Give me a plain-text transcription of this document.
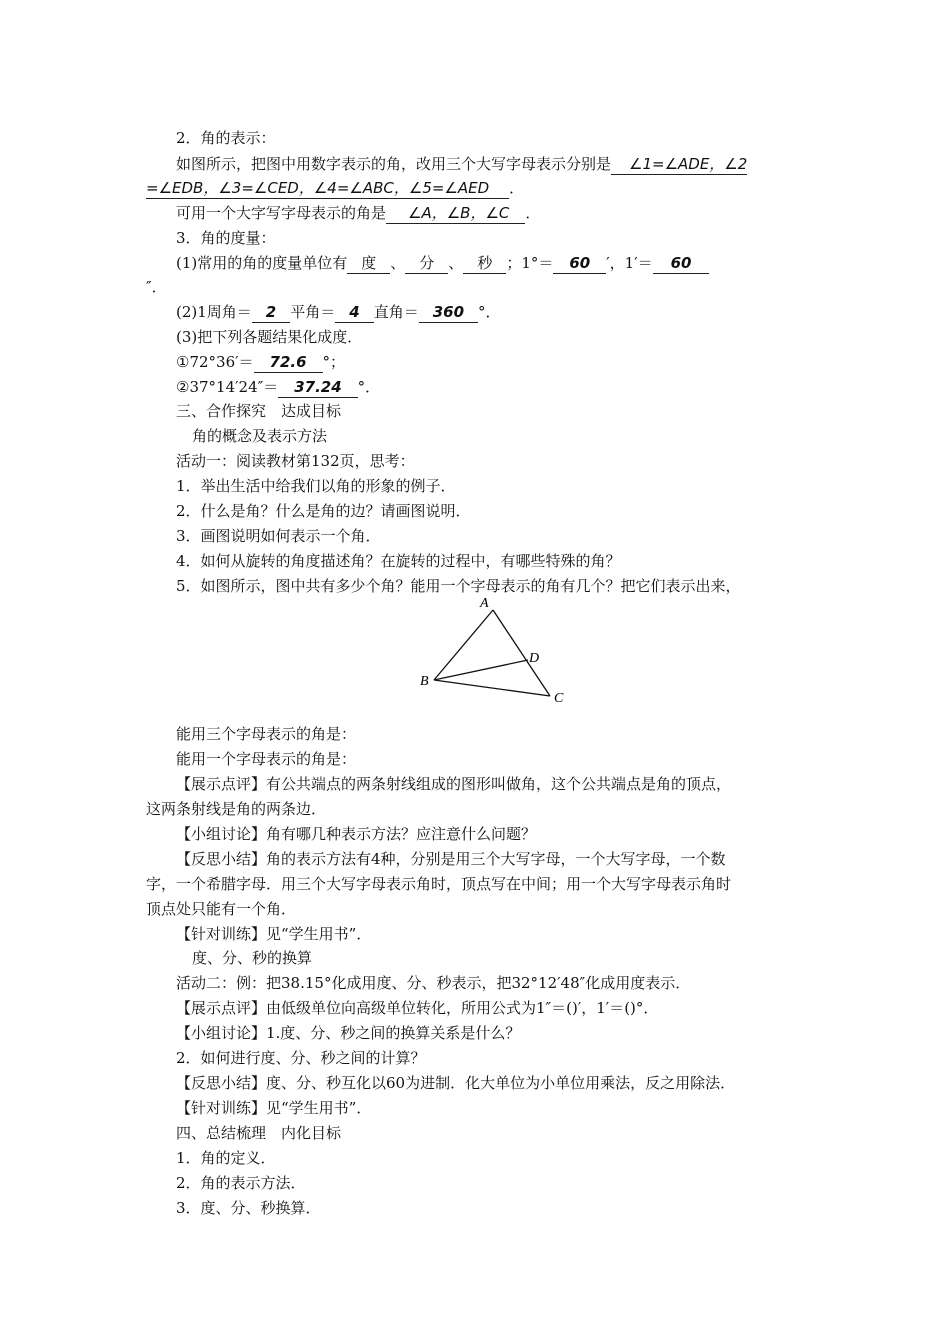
2．角的表示：
如图所示，把图中用数字表示的角，改用三个大写字母表示分别是 ∠1=∠ADE，∠2
=∠EDB，∠3=∠CED，∠4=∠ABC，∠5=∠AED ．
可用一个大字写字母表示的角是 ∠A，∠B，∠C ．
3．角的度量：
(1)常用的角的度量单位有 度 、 分 、 秒 ；1°＝ 60 ′，1′＝ 60
″．
(2)1周角＝ 2 平角＝ 4 直角＝ 360 °．
(3)把下列各题结果化成度．
①72°36′＝ 72.6 °；
②37°14′24″＝ 37.24 °．
三、合作探究　达成目标
角的概念及表示方法
活动一：阅读教材第132页，思考：
1．举出生活中给我们以角的形象的例子．
2．什么是角？什么是角的边？请画图说明．
3．画图说明如何表示一个角．
4．如何从旋转的角度描述角？在旋转的过程中，有哪些特殊的角？
5．如图所示，图中共有多少个角？能用一个字母表示的角有几个？把它们表示出来，
A
B
C
D
能用三个字母表示的角是：
能用一个字母表示的角是：
【展示点评】有公共端点的两条射线组成的图形叫做角，这个公共端点是角的顶点，
这两条射线是角的两条边．
【小组讨论】角有哪几种表示方法？应注意什么问题？
【反思小结】角的表示方法有4种，分别是用三个大写字母，一个大写字母，一个数
字，一个希腊字母．用三个大写字母表示角时，顶点写在中间；用一个大写字母表示角时
顶点处只能有一个角．
【针对训练】见“学生用书”．
度、分、秒的换算
活动二：例：把38.15°化成用度、分、秒表示，把32°12′48″化成用度表示．
【展示点评】由低级单位向高级单位转化，所用公式为1″＝()′，1′＝()°．
【小组讨论】1.度、分、秒之间的换算关系是什么？
2．如何进行度、分、秒之间的计算？
【反思小结】度、分、秒互化以60为进制．化大单位为小单位用乘法，反之用除法．
【针对训练】见“学生用书”．
四、总结梳理　内化目标
1．角的定义．
2．角的表示方法．
3．度、分、秒换算．
